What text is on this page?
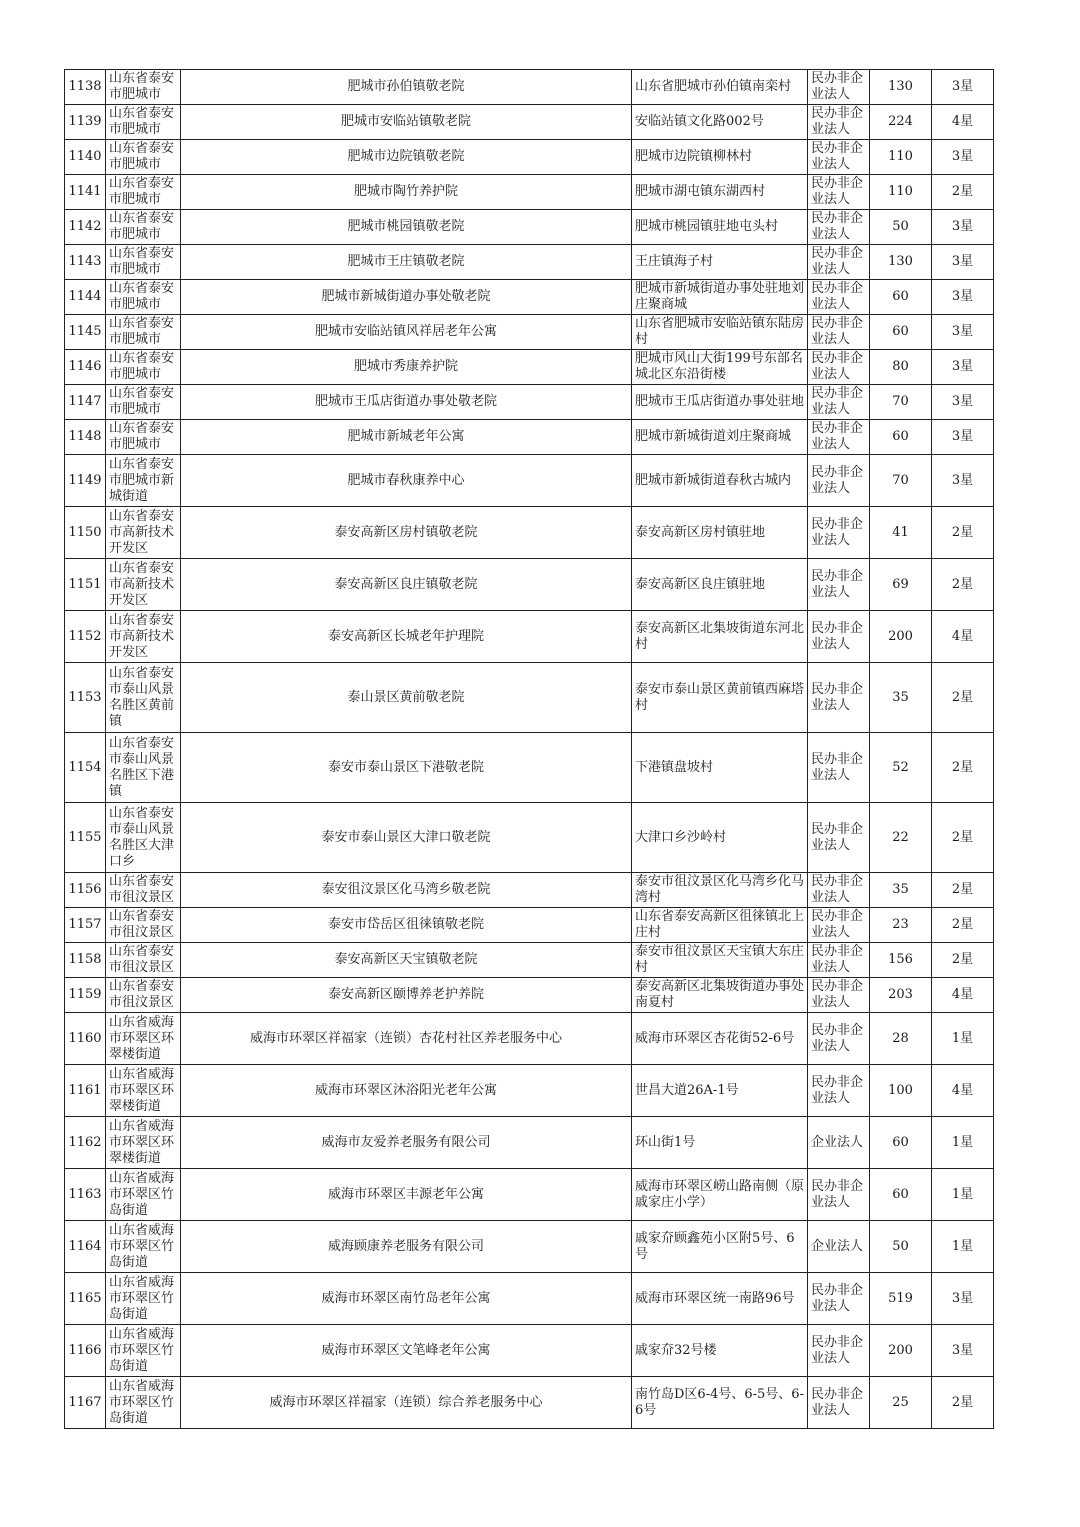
1138	山东省泰安市肥城市	肥城市孙伯镇敬老院	山东省肥城市孙伯镇南栾村	民办非企业法人	130	3星
1139	山东省泰安市肥城市	肥城市安临站镇敬老院	安临站镇文化路002号	民办非企业法人	224	4星
1140	山东省泰安市肥城市	肥城市边院镇敬老院	肥城市边院镇柳林村	民办非企业法人	110	3星
1141	山东省泰安市肥城市	肥城市陶竹养护院	肥城市湖屯镇东湖西村	民办非企业法人	110	2星
1142	山东省泰安市肥城市	肥城市桃园镇敬老院	肥城市桃园镇驻地屯头村	民办非企业法人	50	3星
1143	山东省泰安市肥城市	肥城市王庄镇敬老院	王庄镇海子村	民办非企业法人	130	3星
1144	山东省泰安市肥城市	肥城市新城街道办事处敬老院	肥城市新城街道办事处驻地刘庄聚商城	民办非企业法人	60	3星
1145	山东省泰安市肥城市	肥城市安临站镇风祥居老年公寓	山东省肥城市安临站镇东陆房村	民办非企业法人	60	3星
1146	山东省泰安市肥城市	肥城市秀康养护院	肥城市风山大街199号东部名城北区东沿街楼	民办非企业法人	80	3星
1147	山东省泰安市肥城市	肥城市王瓜店街道办事处敬老院	肥城市王瓜店街道办事处驻地	民办非企业法人	70	3星
1148	山东省泰安市肥城市	肥城市新城老年公寓	肥城市新城街道刘庄聚商城	民办非企业法人	60	3星
1149	山东省泰安市肥城市新城街道	肥城市春秋康养中心	肥城市新城街道春秋古城内	民办非企业法人	70	3星
1150	山东省泰安市高新技术开发区	泰安高新区房村镇敬老院	泰安高新区房村镇驻地	民办非企业法人	41	2星
1151	山东省泰安市高新技术开发区	泰安高新区良庄镇敬老院	泰安高新区良庄镇驻地	民办非企业法人	69	2星
1152	山东省泰安市高新技术开发区	泰安高新区长城老年护理院	泰安高新区北集坡街道东河北村	民办非企业法人	200	4星
1153	山东省泰安市泰山风景名胜区黄前镇	泰山景区黄前敬老院	泰安市泰山景区黄前镇西麻塔村	民办非企业法人	35	2星
1154	山东省泰安市泰山风景名胜区下港镇	泰安市泰山景区下港敬老院	下港镇盘坡村	民办非企业法人	52	2星
1155	山东省泰安市泰山风景名胜区大津口乡	泰安市泰山景区大津口敬老院	大津口乡沙岭村	民办非企业法人	22	2星
1156	山东省泰安市徂汶景区	泰安徂汶景区化马湾乡敬老院	泰安市徂汶景区化马湾乡化马湾村	民办非企业法人	35	2星
1157	山东省泰安市徂汶景区	泰安市岱岳区徂徕镇敬老院	山东省泰安高新区徂徕镇北上庄村	民办非企业法人	23	2星
1158	山东省泰安市徂汶景区	泰安高新区天宝镇敬老院	泰安市徂汶景区天宝镇大东庄村	民办非企业法人	156	2星
1159	山东省泰安市徂汶景区	泰安高新区颐博养老护养院	泰安高新区北集坡街道办事处南夏村	民办非企业法人	203	4星
1160	山东省威海市环翠区环翠楼街道	威海市环翠区祥福家（连锁）杏花村社区养老服务中心	威海市环翠区杏花街52-6号	民办非企业法人	28	1星
1161	山东省威海市环翠区环翠楼街道	威海市环翠区沐浴阳光老年公寓	世昌大道26A-1号	民办非企业法人	100	4星
1162	山东省威海市环翠区环翠楼街道	威海市友爱养老服务有限公司	环山街1号	企业法人	60	1星
1163	山东省威海市环翠区竹岛街道	威海市环翠区丰源老年公寓	威海市环翠区崂山路南侧（原戚家庄小学）	民办非企业法人	60	1星
1164	山东省威海市环翠区竹岛街道	威海顾康养老服务有限公司	戚家夼顾鑫苑小区附5号、6号	企业法人	50	1星
1165	山东省威海市环翠区竹岛街道	威海市环翠区南竹岛老年公寓	威海市环翠区统一南路96号	民办非企业法人	519	3星
1166	山东省威海市环翠区竹岛街道	威海市环翠区文笔峰老年公寓	戚家夼32号楼	民办非企业法人	200	3星
1167	山东省威海市环翠区竹岛街道	威海市环翠区祥福家（连锁）综合养老服务中心	南竹岛D区6-4号、6-5号、6-6号	民办非企业法人	25	2星
